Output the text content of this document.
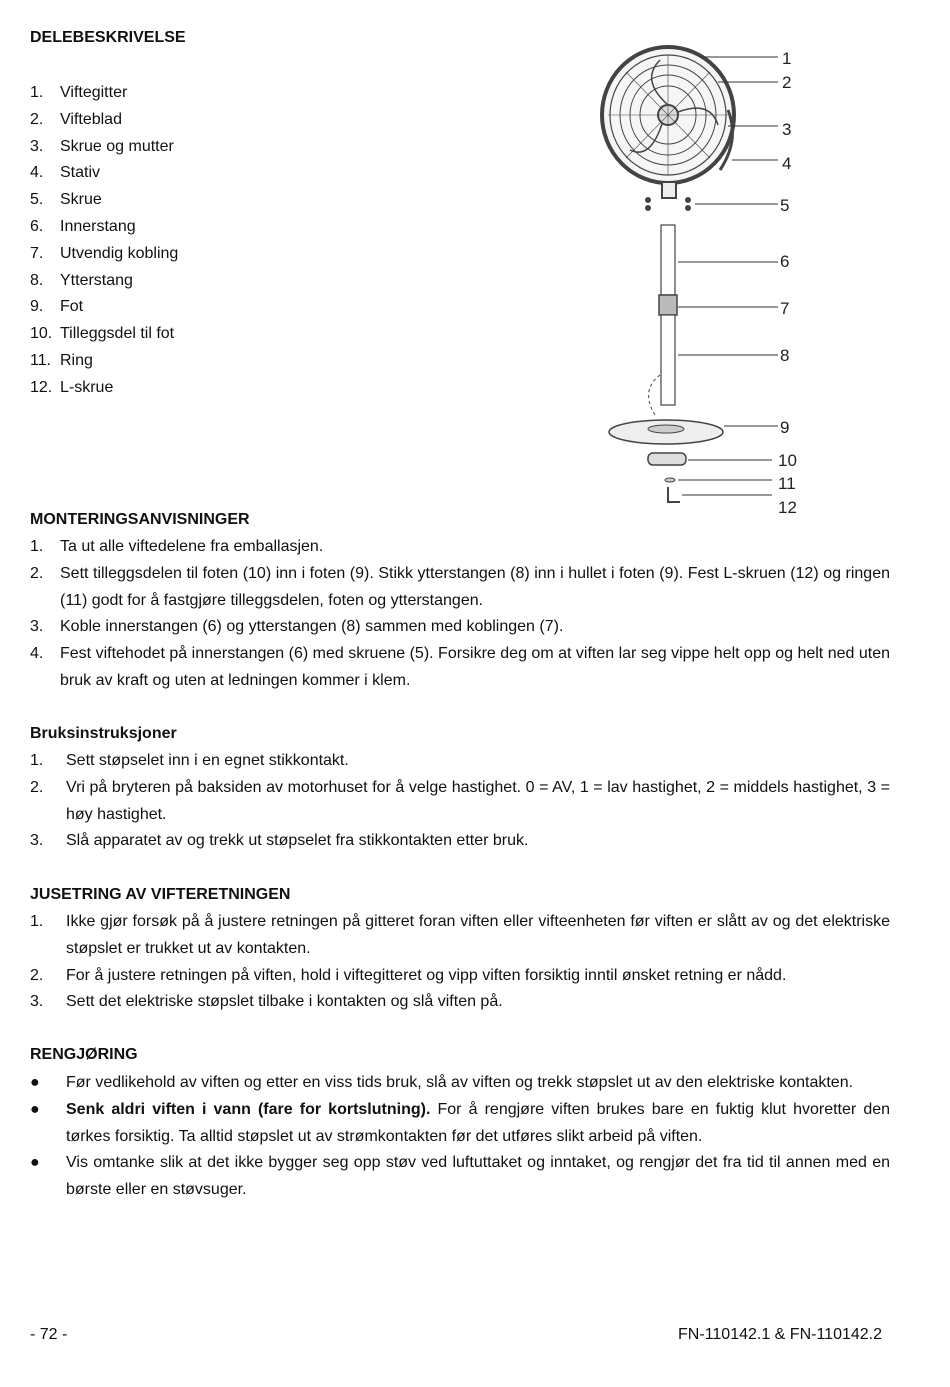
DELEBESKRIVELSE
1. Viftegitter
2. Vifteblad
3. Skrue og mutter
4. Stativ
5. Skrue
6. Innerstang
7. Utvendig kobling
8. Ytterstang
9. Fot
10. Tilleggsdel til fot
11. Ring
12. L-skrue
1
2
3
4
5
6
7
8
9
10
11
12
MONTERINGSANVISNINGER
1. Ta ut alle viftedelene fra emballasjen.
2. Sett tilleggsdelen til foten (10) inn i foten (9). Stikk ytterstangen (8) inn i hullet i foten (9). Fest L-skruen (12) og ringen (11) godt for å fastgjøre tilleggsdelen, foten og ytterstangen.
3. Koble innerstangen (6) og ytterstangen (8) sammen med koblingen (7).
4. Fest viftehodet på innerstangen (6) med skruene (5). Forsikre deg om at viften lar seg vippe helt opp og helt ned uten bruk av kraft og uten at ledningen kommer i klem.
Bruksinstruksjoner
1. Sett støpselet inn i en egnet stikkontakt.
2. Vri på bryteren på baksiden av motorhuset for å velge hastighet. 0 = AV, 1 = lav hastighet, 2 = middels hastighet, 3 = høy hastighet.
3. Slå apparatet av og trekk ut støpselet fra stikkontakten etter bruk.
JUSETRING AV VIFTERETNINGEN
1. Ikke gjør forsøk på å justere retningen på gitteret foran viften eller vifteenheten før viften er slått av og det elektriske støpslet er trukket ut av kontakten.
2. For å justere retningen på viften, hold i viftegitteret og vipp viften forsiktig inntil ønsket retning er nådd.
3. Sett det elektriske støpslet tilbake i kontakten og slå viften på.
RENGJØRING
● Før vedlikehold av viften og etter en viss tids bruk, slå av viften og trekk støpslet ut av den elektriske kontakten.
● Senk aldri viften i vann (fare for kortslutning). For å rengjøre viften brukes bare en fuktig klut hvoretter den tørkes forsiktig. Ta alltid støpslet ut av strømkontakten før det utføres slikt arbeid på viften.
● Vis omtanke slik at det ikke bygger seg opp støv ved luftuttaket og inntaket, og rengjør det fra tid til annen med en børste eller en støvsuger.
- 72 -	FN-110142.1 & FN-110142.2
